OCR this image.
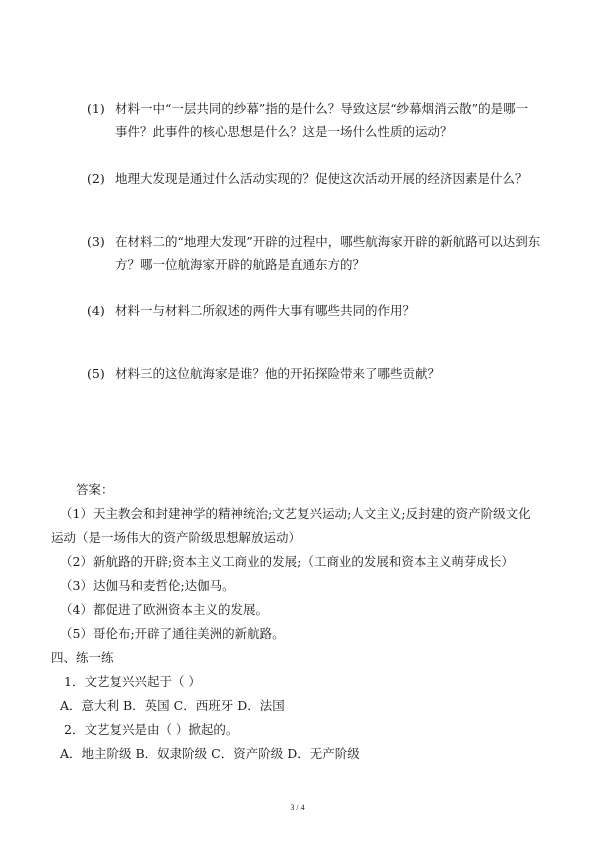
(1) 材料一中“一层共同的纱幕”指的是什么？导致这层“纱幕烟消云散”的是哪一
事件？此事件的核心思想是什么？这是一场什么性质的运动？
(2) 地理大发现是通过什么活动实现的？促使这次活动开展的经济因素是什么？
(3) 在材料二的“地理大发现”开辟的过程中，哪些航海家开辟的新航路可以达到东
方？哪一位航海家开辟的航路是直通东方的？
(4) 材料一与材料二所叙述的两件大事有哪些共同的作用？
(5) 材料三的这位航海家是谁？他的开拓探险带来了哪些贡献？
答案：
（1）天主教会和封建神学的精神统治;文艺复兴运动;人文主义;反封建的资产阶级文化
运动（是一场伟大的资产阶级思想解放运动）
（2）新航路的开辟;资本主义工商业的发展;（工商业的发展和资本主义萌芽成长）
（3）达伽马和麦哲伦;达伽马。
（4）都促进了欧洲资本主义的发展。
（5）哥伦布;开辟了通往美洲的新航路。
四、练一练
1．文艺复兴兴起于（ ）
A．意大利 B．英国 C．西班牙 D．法国
2．文艺复兴是由（ ）掀起的。
A．地主阶级 B．奴隶阶级 C．资产阶级 D．无产阶级
3 / 4
